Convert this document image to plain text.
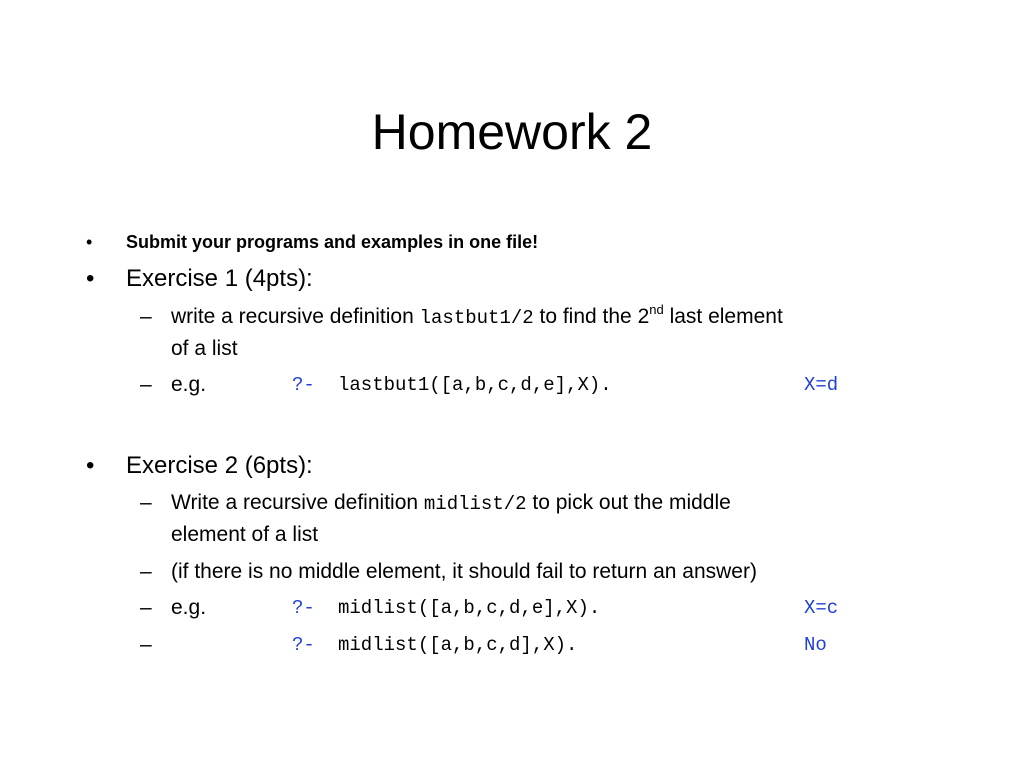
Homework 2
• Submit your programs and examples in one file!
• Exercise 1 (4pts):
– write a recursive definition lastbut1/2 to find the 2nd last element
of a list
– e.g.	?- lastbut1([a,b,c,d,e],X).	X=d
• Exercise 2 (6pts):
– Write a recursive definition midlist/2 to pick out the middle
element of a list
– (if there is no middle element, it should fail to return an answer)
– e.g.	?- midlist([a,b,c,d,e],X).	X=c
–	?- midlist([a,b,c,d],X).	No
